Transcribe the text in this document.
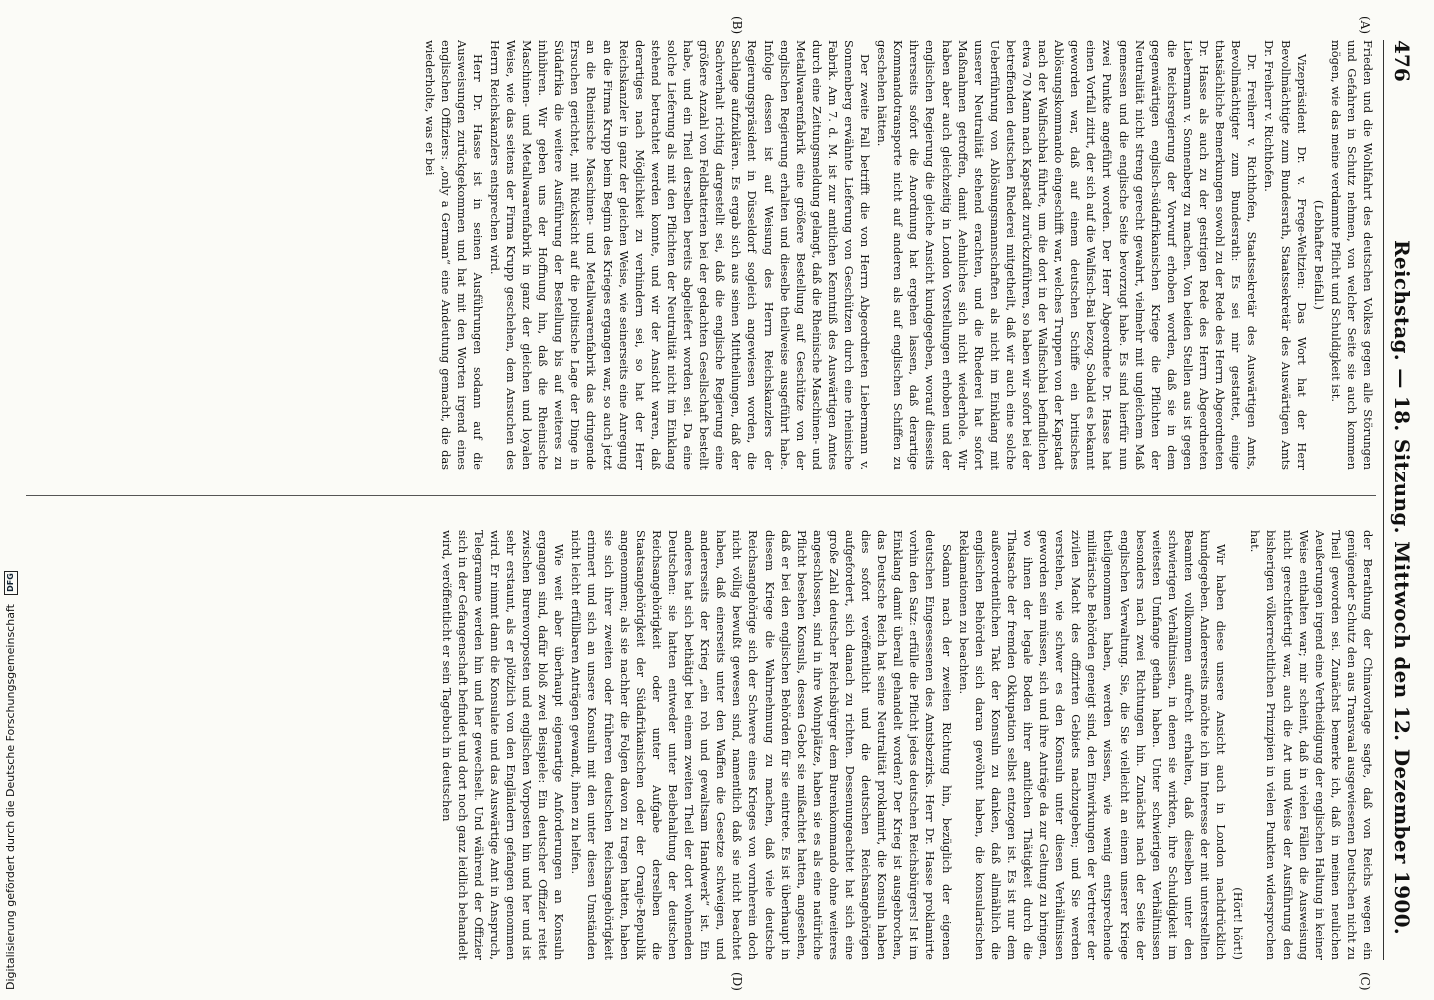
476
Reichstag. — 18. Sitzung. Mittwoch den 12. Dezember 1900.
(A)
(B)
(C)
(D)

Frieden und die Wohlfahrt des deutschen Volkes gegen alle Störungen und Gefahren in Schutz nehmen, von welcher Seite sie auch kommen mögen, wie das meine verdammte Pflicht und Schuldigkeit ist.

(Lebhafter Beifall.)

Vizepräsident Dr. v. Frege-Weltzien: Das Wort hat der Herr Bevollmächtigte zum Bundesrath, Staatssekretär des Auswärtigen Amts Dr. Freiherr v. Richthofen.

Dr. Freiherr v. Richthofen, Staatssekretär des Auswärtigen Amts, Bevollmächtigter zum Bundesrath: Es sei mir gestattet, einige thatsächliche Bemerkungen sowohl zu der Rede des Herrn Abgeordneten Dr. Hasse als auch zu der gestrigen Rede des Herrn Abgeordneten Liebermann v. Sonnenberg zu machen. Von beiden Stellen aus ist gegen die Reichsregierung der Vorwurf erhoben worden, daß sie in dem gegenwärtigen englisch-südafrikanischen Kriege die Pflichten der Neutralität nicht streng gerecht gewahrt, vielmehr mit ungleichem Maß gemessen und die englische Seite bevorzugt habe. Es sind hierfür nun zwei Punkte angeführt worden. Der Herr Abgeordnete Dr. Hasse hat einen Vorfall zitirt, der sich auf die Walfisch-Bai bezog. Sobald es bekannt geworden war, daß auf einem deutschen Schiffe ein britisches Ablösungskommando eingeschifft war, welches Truppen von der Kapstadt nach der Walfischbai führte, um die dort in der Walfischbai befindlichen etwa 70 Mann nach Kapstadt zurückzuführen, so haben wir sofort bei der betreffenden deutschen Rhederei mitgetheilt, daß wir auch eine solche Ueberführung von Ablösungsmannschaften als nicht im Einklang mit unserer Neutralität stehend erachten, und die Rhederei hat sofort Maßnahmen getroffen, damit Aehnliches sich nicht wiederhole. Wir haben aber auch gleichzeitig in London Vorstellungen erhoben und der englischen Regierung die gleiche Ansicht kundgegeben, worauf diesseits ihrerseits sofort die Anordnung hat ergehen lassen, daß derartige Kommandotransporte nicht auf anderen als auf englischen Schiffen zu geschehen hätten.

Der zweite Fall betrifft die von Herrn Abgeordneten Liebermann v. Sonnenberg erwähnte Lieferung von Geschützen durch eine rheinische Fabrik. Am 7. d. M. ist zur amtlichen Kenntniß des Auswärtigen Amtes durch eine Zeitungsmeldung gelangt, daß die Rheinische Maschinen- und Metallwaarenfabrik eine größere Bestellung auf Geschütze von der englischen Regierung erhalten und dieselbe theilweise ausgeführt habe. Infolge dessen ist auf Weisung des Herrn Reichskanzlers der Regierungspräsident in Düsseldorf sogleich angewiesen worden, die Sachlage aufzuklären. Es ergab sich aus seinen Mittheilungen, daß der Sachverhalt richtig dargestellt sei, daß die englische Regierung eine größere Anzahl von Feldbatterien bei der gedachten Gesellschaft bestellt habe, und ein Theil derselben bereits abgeliefert worden sei. Da eine solche Lieferung als mit den Pflichten der Neutralität nicht im Einklang stehend betrachtet werden konnte, und wir der Ansicht waren, daß derartiges nach Möglichkeit zu verhindern sei, so hat der Herr Reichskanzler in ganz der gleichen Weise, wie seinerseits eine Anregung an die Firma Krupp beim Beginn des Krieges ergangen war, so auch jetzt an die Rheinische Maschinen- und Metallwaarenfabrik das dringende Ersuchen gerichtet, mit Rücksicht auf die politische Lage der Dinge in Südafrika die weitere Ausführung der Bestellung bis auf weiteres zu inhibiren. Wir geben uns der Hoffnung hin, daß die Rheinische Maschinen- und Metallwaarenfabrik in ganz der gleichen und loyalen Weise, wie das seitens der Firma Krupp geschehen, dem Ansuchen des Herrn Reichskanzlers entsprechen wird.

Herr Dr. Hasse ist in seinen Ausführungen sodann auf die Ausweisungen zurückgekommen und hat mit den Worten irgend eines englischen Offiziers: „only a German“ eine Andeutung gemacht, die das wiederholte, was er bei

der Berathung der Chinavorlage sagte, daß von Reichs wegen ein genügender Schutz den aus Transvaal ausgewiesenen Deutschen nicht zu Theil geworden sei. Zunächst bemerke ich, daß in meinen neulichen Aeußerungen irgend eine Vertheidigung der englischen Haltung in keiner Weise enthalten war; mir scheint, daß in vielen Fällen die Ausweisung nicht gerechtfertigt war, auch die Art und Weise der Ausführung den bisherigen völkerrechtlichen Prinzipien in vielen Punkten widersprochen hat.

(Hört! hört!)

Wir haben diese unsere Ansicht auch in London nachdrücklich kundgegeben. Andererseits möchte ich im Interesse der mit unterstellten Beamten vollkommen aufrecht erhalten, daß dieselben unter den schwierigen Verhältnissen, in denen sie wirkten, ihre Schuldigkeit im weitesten Umfange gethan haben. Unter schwierigen Verhältnissen besonders nach zwei Richtungen hin. Zunächst nach der Seite der englischen Verwaltung. Sie, die Sie vielleicht an einem unserer Kriege theilgenommen haben, werden wissen, wie wenig entsprechende militärische Behörden geneigt sind, den Einwirkungen der Vertreter der zivilen Macht des offizirten Gebiets nachzugeben; und Sie werden verstehen, wie schwer es den Konsuln unter diesen Verhältnissen geworden sein müssen, sich und ihre Anträge da zur Geltung zu bringen, wo ihnen der legale Boden ihrer amtlichen Thätigkeit durch die Thatsache der fremden Okkupation selbst entzogen ist. Es ist nur dem außerordentlichen Takt der Konsuln zu danken, daß allmählich die englischen Behörden sich daran gewöhnt haben, die konsularischen Reklamationen zu beachten.

Sodann nach der zweiten Richtung hin, bezüglich der eigenen deutschen Eingesessenen des Amtsbezirks. Herr Dr. Hasse proklamirte vorhin den Satz: erfülle die Pflicht jedes deutschen Reichsbürgers! Ist im Einklang damit überall gehandelt worden? Der Krieg ist ausgebrochen, das Deutsche Reich hat seine Neutralität proklamirt, die Konsuln haben dies sofort veröffentlicht und die deutschen Reichsangehörigen aufgefordert, sich danach zu richten. Dessenungeachtet hat sich eine große Zahl deutscher Reichsbürger dem Burenkommando ohne weiteres angeschlossen, sind in ihre Wohnplätze, haben sie es als eine natürliche Pflicht besehen Konsuls, dessen Gebot sie mißachtet hatten, angesehen, daß er bei den englischen Behörden für sie eintrete. Es ist überhaupt in diesem Kriege die Wahrnehmung zu machen, daß viele deutsche Reichsangehörige sich der Schwere eines Krieges von vornherein doch nicht völlig bewußt gewesen sind, namentlich daß sie nicht beachtet haben, daß einerseits unter den Waffen die Gesetze schweigen, und andererseits der Krieg „ein roh und gewaltsam Handwerk“ ist. Ein anderes hat sich bethätigt bei einem zweiten Theil der dort wohnenden Deutschen: sie hatten entweder unter Beibehaltung der deutschen Reichsangehörigkeit oder unter Aufgabe derselben die Staatsangehörigkeit der Südafrikanischen oder der Oranje-Republik angenommen; als sie nachher die Folgen davon zu tragen hatten, haben sie sich ihrer zweiten oder früheren deutschen Reichsangehörigkeit erinnert und sich an unsere Konsuln mit den unter diesen Umständen nicht leicht erfüllbaren Anträgen gewandt, ihnen zu helfen.

Wie weit aber überhaupt eigenartige Anforderungen an Konsuln ergangen sind, dafür bloß zwei Beispiele: Ein deutscher Offizier reitet zwischen Burenvorposten und englischen Vorposten hin und her und ist sehr erstaunt, als er plötzlich von den Engländern gefangen genommen wird. Er nimmt dann die Konsulate und das Auswärtige Amt in Anspruch, Telegramme werden hin und her gewechselt. Und während der Offizier sich in der Gefangenschaft befindet und dort noch ganz leidlich behandelt wird, veröffentlicht er sein Tagebuch in deutschen

Digitalisierung gefördert durch die Deutsche Forschungsgemeinschaft DFG
